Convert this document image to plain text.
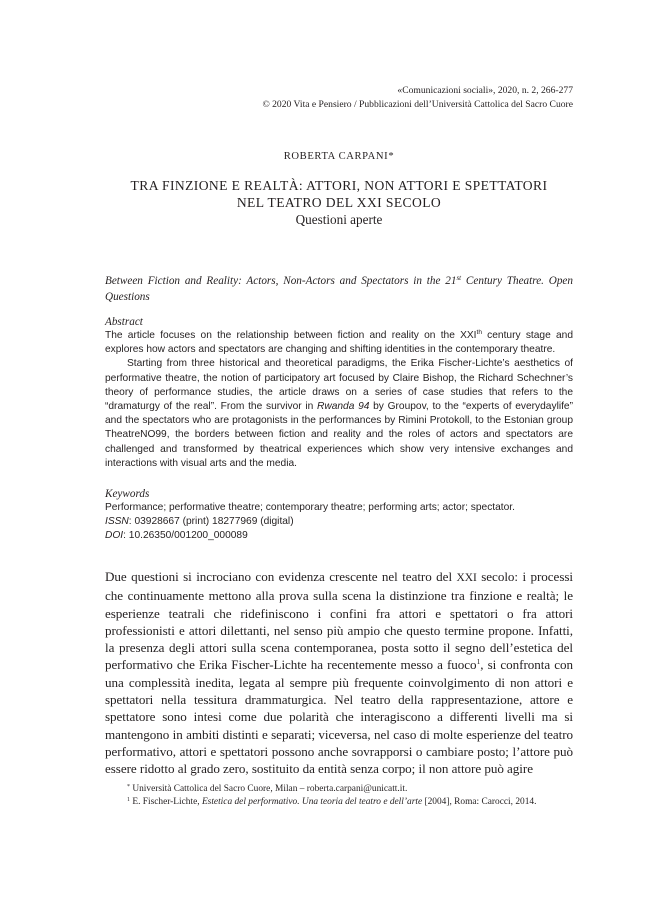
«Comunicazioni sociali», 2020, n. 2, 266-277
© 2020 Vita e Pensiero / Pubblicazioni dell’Università Cattolica del Sacro Cuore
ROBERTA CARPANI*
TRA FINZIONE E REALTÀ: ATTORI, NON ATTORI E SPETTATORI
NEL TEATRO DEL XXI SECOLO
Questioni aperte
Between Fiction and Reality: Actors, Non-Actors and Spectators in the 21st Century Theatre. Open Questions
Abstract

The article focuses on the relationship between fiction and reality on the XXIth century stage and explores how actors and spectators are changing and shifting identities in the contemporary theatre.

Starting from three historical and theoretical paradigms, the Erika Fischer-Lichte’s aesthetics of performative theatre, the notion of participatory art focused by Claire Bishop, the Richard Schechner’s theory of performance studies, the article draws on a series of case studies that refers to the “dramaturgy of the real”. From the survivor in Rwanda 94 by Groupov, to the “experts of everydaylife” and the spectators who are protagonists in the performances by Rimini Protokoll, to the Estonian group TheatreNO99, the borders between fiction and reality and the roles of actors and spectators are challenged and transformed by theatrical experiences which show very intensive exchanges and interactions with visual arts and the media.

Keywords
Performance; performative theatre; contemporary theatre; performing arts; actor; spectator.
ISSN: 03928667 (print) 18277969 (digital)
DOI: 10.26350/001200_000089
Due questioni si incrociano con evidenza crescente nel teatro del XXI secolo: i processi che continuamente mettono alla prova sulla scena la distinzione tra finzione e realtà; le esperienze teatrali che ridefiniscono i confini fra attori e spettatori o fra attori professionisti e attori dilettanti, nel senso più ampio che questo termine propone. Infatti, la presenza degli attori sulla scena contemporanea, posta sotto il segno dell’estetica del performativo che Erika Fischer-Lichte ha recentemente messo a fuoco$^1$, si confronta con una complessità inedita, legata al sempre più frequente coinvolgimento di non attori e spettatori nella tessitura drammaturgica. Nel teatro della rappresentazione, attore e spettatore sono intesi come due polarità che interagiscono a differenti livelli ma si mantengono in ambiti distinti e separati; viceversa, nel caso di molte esperienze del teatro performativo, attori e spettatori possono anche sovrapporsi o cambiare posto; l’attore può essere ridotto al grado zero, sostituito da entità senza corpo; il non attore può agire
* Università Cattolica del Sacro Cuore, Milan – roberta.carpani@unicatt.it.
$^1$ E. Fischer-Lichte, Estetica del performativo. Una teoria del teatro e dell’arte [2004], Roma: Carocci, 2014.
